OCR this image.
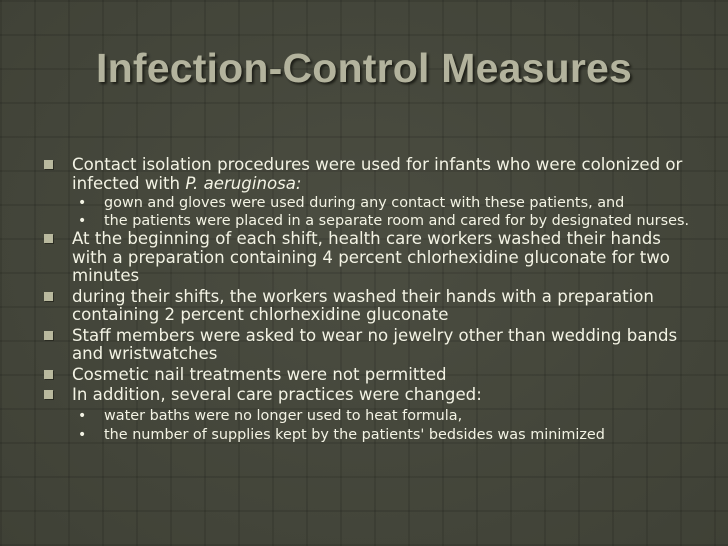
Infection-Control Measures
Contact isolation procedures were used for infants who were colonized or infected with P. aeruginosa:
• gown and gloves were used during any contact with these patients, and
• the patients were placed in a separate room and cared for by designated nurses.
At the beginning of each shift, health care workers washed their hands with a preparation containing 4 percent chlorhexidine gluconate for two minutes
during their shifts, the workers washed their hands with a preparation containing 2 percent chlorhexidine gluconate
Staff members were asked to wear no jewelry other than wedding bands and wristwatches
Cosmetic nail treatments were not permitted
In addition, several care practices were changed:
• water baths were no longer used to heat formula,
• the number of supplies kept by the patients' bedsides was minimized
